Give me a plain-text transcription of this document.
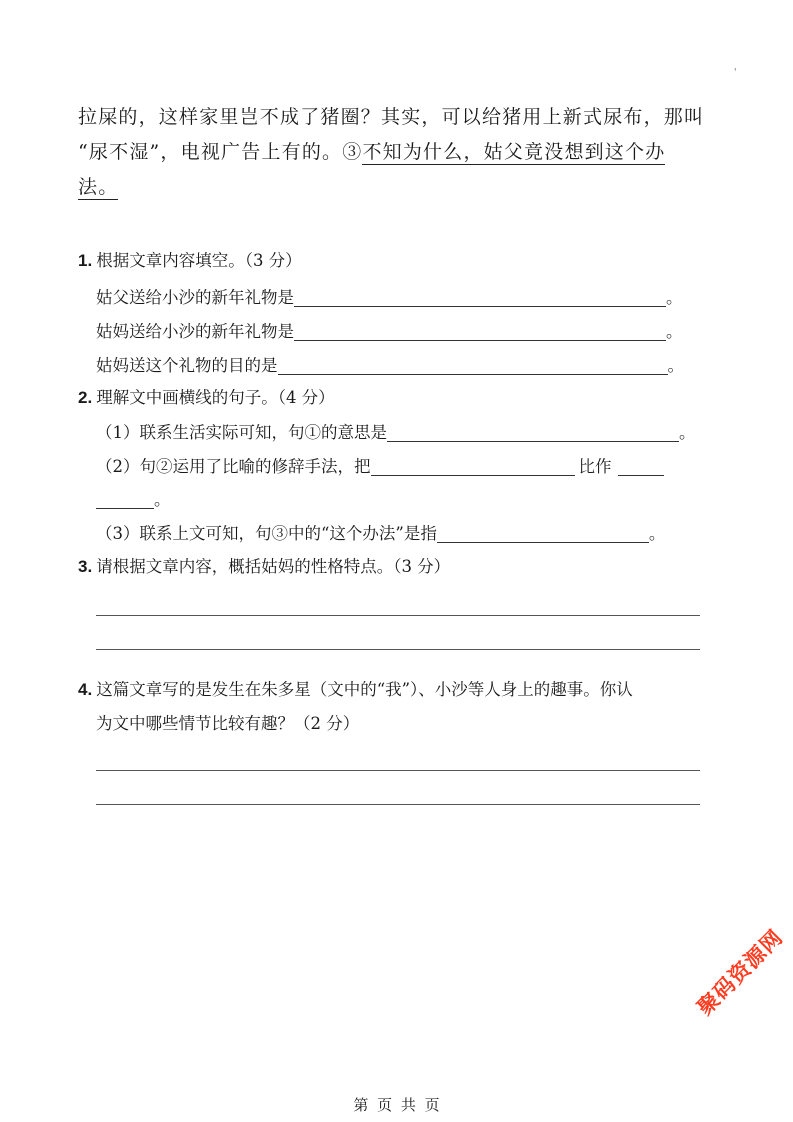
'
拉屎的，这样家里岂不成了猪圈？其实，可以给猪用上新式尿布，那叫
“尿不湿”，电视广告上有的。③不知为什么，姑父竟没想到这个办
法。
1. 根据文章内容填空。（3 分）
姑父送给小沙的新年礼物是	。
姑妈送给小沙的新年礼物是	。
姑妈送这个礼物的目的是	。
2. 理解文中画横线的句子。（4 分）
（1）联系生活实际可知，句①的意思是	。
（2）句②运用了比喻的修辞手法，把	比作
。
（3）联系上文可知，句③中的“这个办法”是指	。
3. 请根据文章内容，概括姑妈的性格特点。（3 分）
4. 这篇文章写的是发生在朱多星（文中的“我”）、小沙等人身上的趣事。你认
为文中哪些情节比较有趣？（2 分）
第 页 共 页
聚码资源网
